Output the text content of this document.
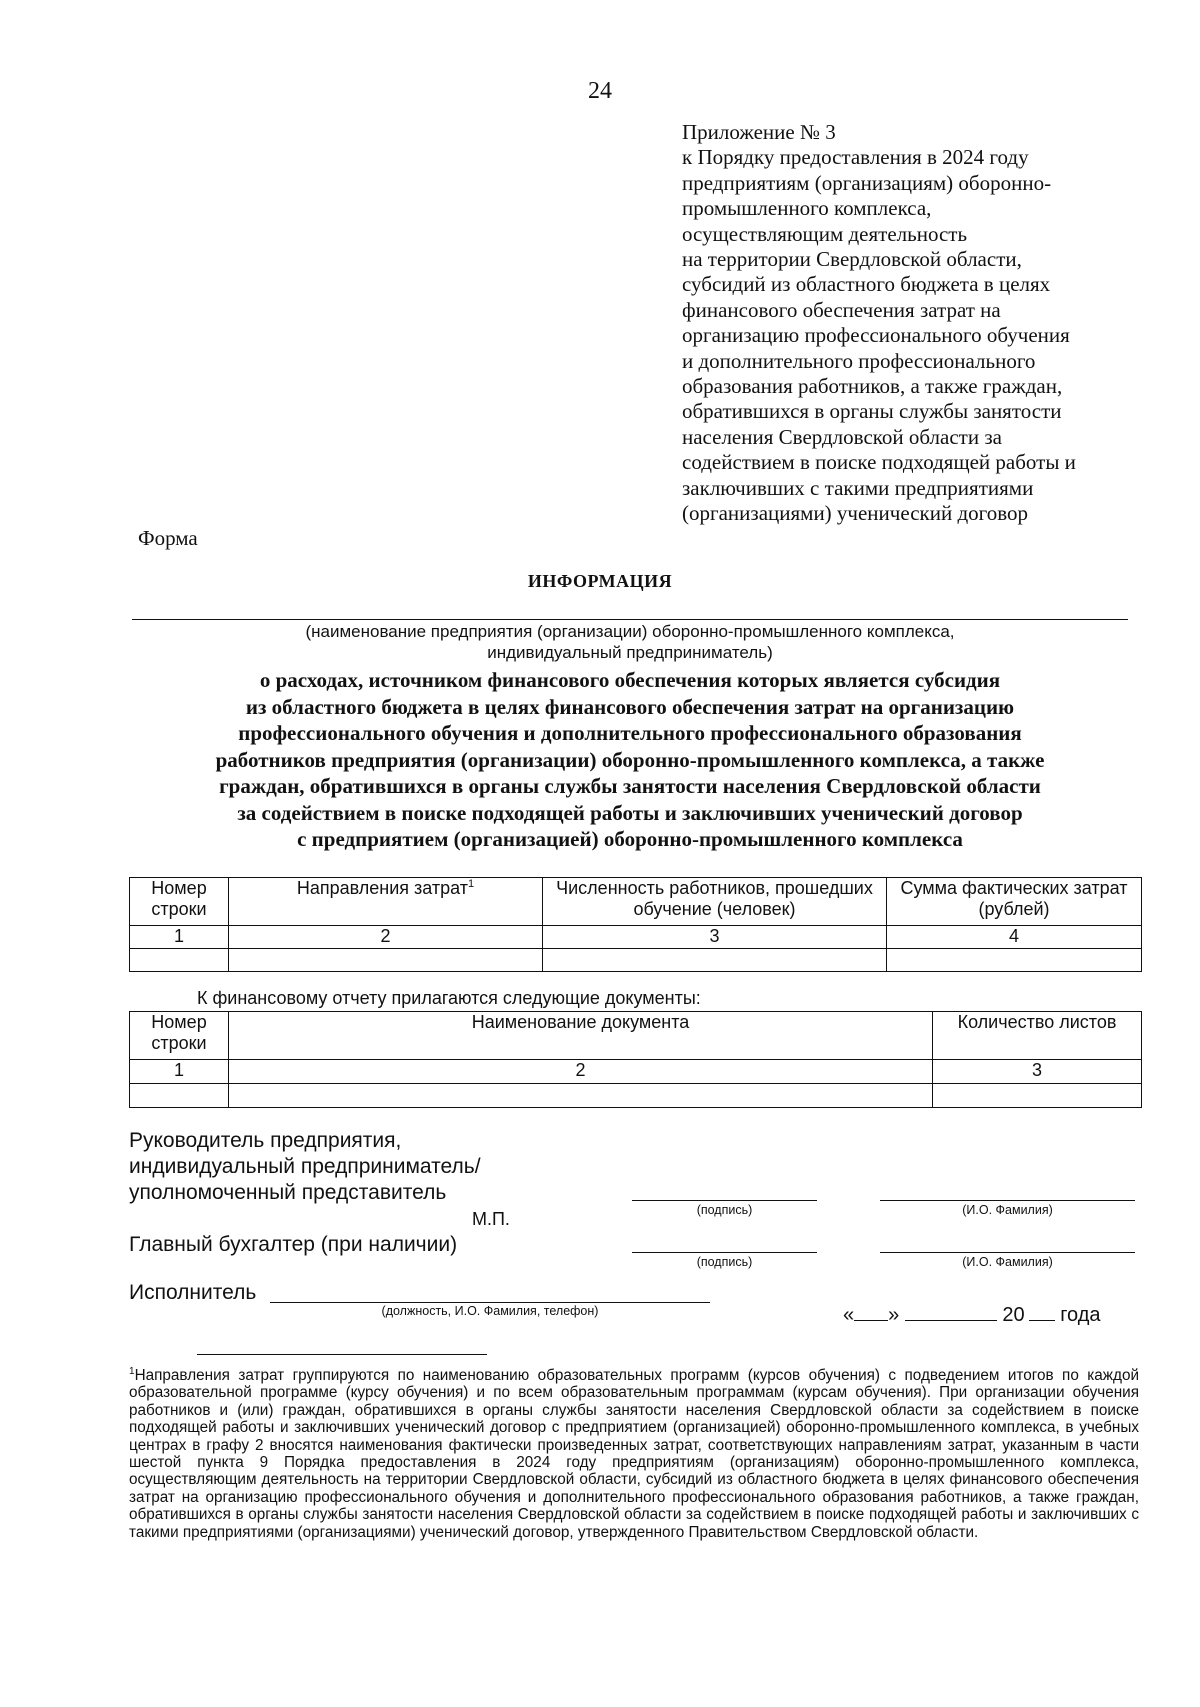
24
Приложение № 3
к Порядку предоставления в 2024 году
предприятиям (организациям) оборонно-
промышленного комплекса,
осуществляющим деятельность
на территории Свердловской области,
субсидий из областного бюджета в целях
финансового обеспечения затрат на
организацию профессионального обучения
и дополнительного профессионального
образования работников, а также граждан,
обратившихся в органы службы занятости
населения Свердловской области за
содействием в поиске подходящей работы и
заключивших с такими предприятиями
(организациями) ученический договор
Форма
ИНФОРМАЦИЯ
(наименование предприятия (организации) оборонно-промышленного комплекса,
индивидуальный предприниматель)
о расходах, источником финансового обеспечения которых является субсидия
из областного бюджета в целях финансового обеспечения затрат на организацию
профессионального обучения и дополнительного профессионального образования
работников предприятия (организации) оборонно-промышленного комплекса, а также
граждан, обратившихся в органы службы занятости населения Свердловской области
за содействием в поиске подходящей работы и заключивших ученический договор
с предприятием (организацией) оборонно-промышленного комплекса
Номер строки	Направления затрат$^1$	Численность работников, прошедших обучение (человек)	Сумма фактических затрат (рублей)
1	2	3	4

К финансовому отчету прилагаются следующие документы:
Номер строки	Наименование документа	Количество листов
1	2	3

Руководитель предприятия,
индивидуальный предприниматель/
уполномоченный представитель
М.П.	(подпись)	(И.О. Фамилия)
Главный бухгалтер (при наличии)
(подпись)	(И.О. Фамилия)
Исполнитель
(должность, И.О. Фамилия, телефон)	« »	20 года
$^1$Направления затрат группируются по наименованию образовательных программ (курсов обучения) с подведением итогов по каждой образовательной программе (курсу обучения) и по всем образовательным программам (курсам обучения). При организации обучения работников и (или) граждан, обратившихся в органы службы занятости населения Свердловской области за содействием в поиске подходящей работы и заключивших ученический договор с предприятием (организацией) оборонно-промышленного комплекса, в учебных центрах в графу 2 вносятся наименования фактически произведенных затрат, соответствующих направлениям затрат, указанным в части шестой пункта 9 Порядка предоставления в 2024 году предприятиям (организациям) оборонно-промышленного комплекса, осуществляющим деятельность на территории Свердловской области, субсидий из областного бюджета в целях финансового обеспечения затрат на организацию профессионального обучения и дополнительного профессионального образования работников, а также граждан, обратившихся в органы службы занятости населения Свердловской области за содействием в поиске подходящей работы и заключивших с такими предприятиями (организациями) ученический договор, утвержденного Правительством Свердловской области.
